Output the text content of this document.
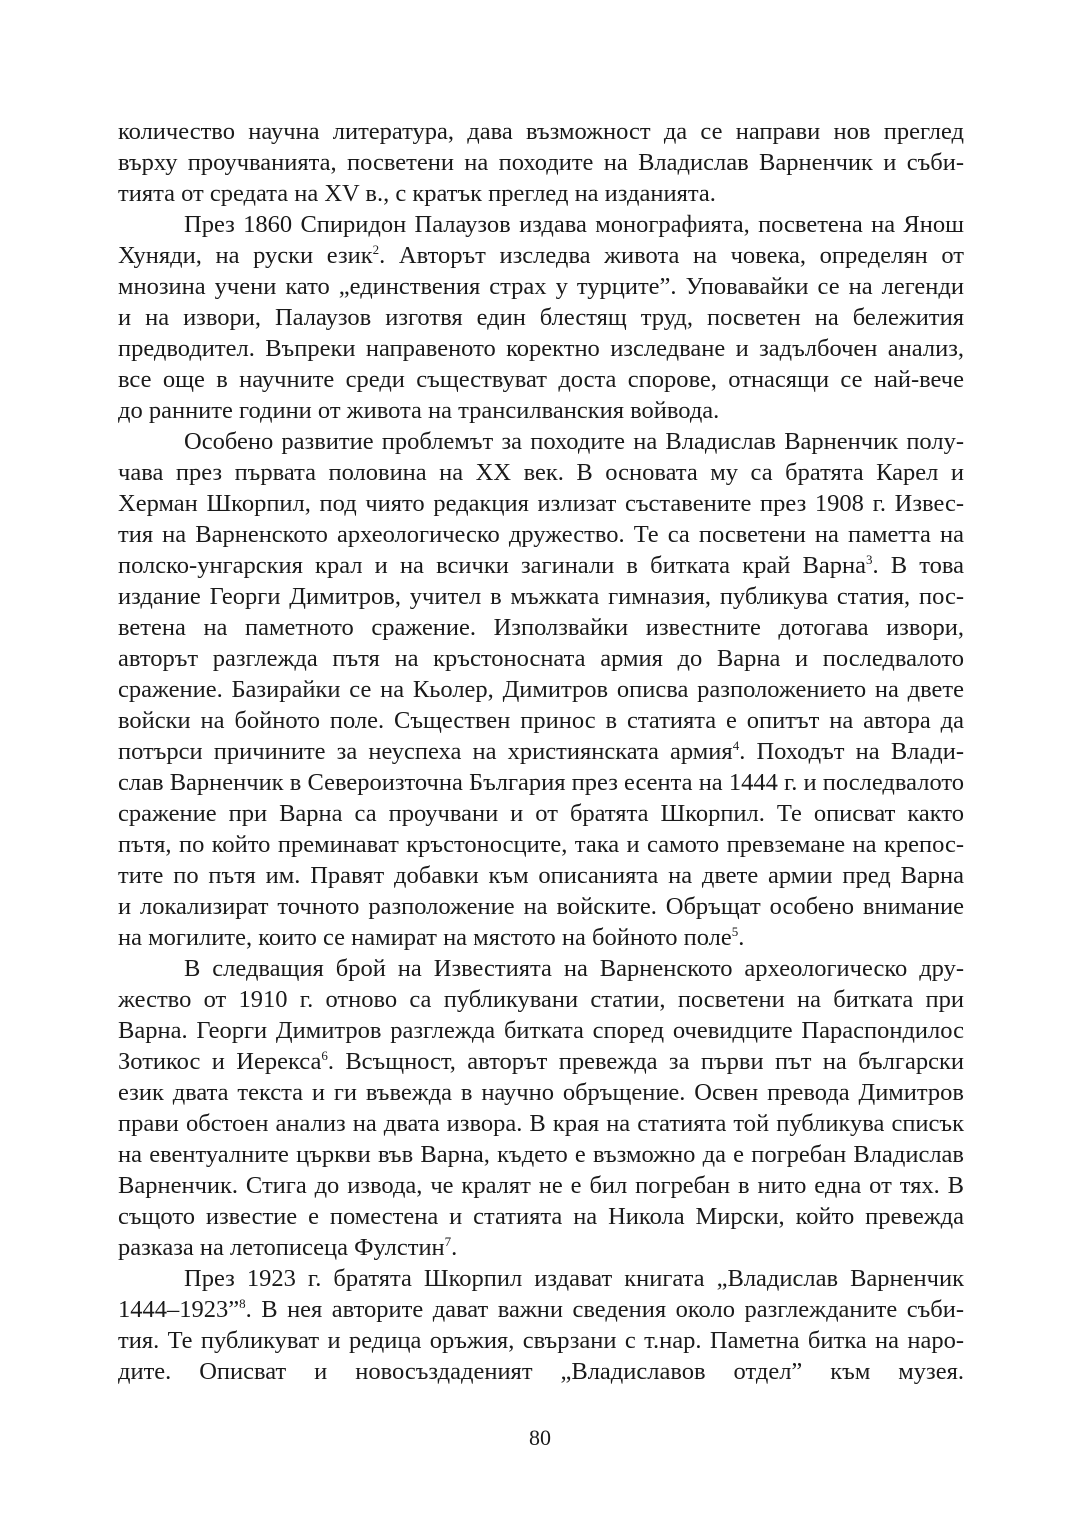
количество научна литература, дава възможност да се направи нов преглед
върху проучванията, посветени на походите на Владислав Варненчик и съби-
тията от средата на XV в., с кратък преглед на изданията.
През 1860 Спиридон Палаузов издава монографията, посветена на Янош
Хуняди, на руски език$^2$. Авторът изследва живота на човека, определян от
мнозина учени като „единствения страх у турците”. Уповавайки се на легенди
и на извори, Палаузов изготвя един блестящ труд, посветен на бележития
предводител. Въпреки направеното коректно изследване и задълбочен анализ,
все още в научните среди съществуват доста спорове, отнасящи се най-вече
до ранните години от живота на трансилванския войвода.
Особено развитие проблемът за походите на Владислав Варненчик полу-
чава през първата половина на XX век. В основата му са братята Карел и
Херман Шкорпил, под чиято редакция излизат съставените през 1908 г. Извес-
тия на Варненското археологическо дружество. Те са посветени на паметта на
полско-унгарския крал и на всички загинали в битката край Варна$^3$. В това
издание Георги Димитров, учител в мъжката гимназия, публикува статия, пос-
ветена на паметното сражение. Използвайки известните дотогава извори,
авторът разглежда пътя на кръстоносната армия до Варна и последвалото
сражение. Базирайки се на Кьолер, Димитров описва разположението на двете
войски на бойното поле. Съществен принос в статията е опитът на автора да
потърси причините за неуспеха на християнската армия$^4$. Походът на Влади-
слав Варненчик в Североизточна България през есента на 1444 г. и последвалото
сражение при Варна са проучвани и от братята Шкорпил. Те описват както
пътя, по който преминават кръстоносците, така и самото превземане на крепос-
тите по пътя им. Правят добавки към описанията на двете армии пред Варна
и локализират точното разположение на войските. Обръщат особено внимание
на могилите, които се намират на мястото на бойното поле$^5$.
В следващия брой на Известията на Варненското археологическо дру-
жество от 1910 г. отново са публикувани статии, посветени на битката при
Варна. Георги Димитров разглежда битката според очевидците Параспондилос
Зотикос и Иерекса$^6$. Всъщност, авторът превежда за първи път на български
език двата текста и ги въвежда в научно обръщение. Освен превода Димитров
прави обстоен анализ на двата извора. В края на статията той публикува списък
на евентуалните църкви във Варна, където е възможно да е погребан Владислав
Варненчик. Стига до извода, че кралят не е бил погребан в нито една от тях. В
същото известие е поместена и статията на Никола Мирски, който превежда
разказа на летописеца Фулстин$^7$.
През 1923 г. братята Шкорпил издават книгата „Владислав Варненчик
1444–1923”$^8$. В нея авторите дават важни сведения около разглежданите съби-
тия. Те публикуват и редица оръжия, свързани с т.нар. Паметна битка на наро-
дите. Описват и новосъздаденият „Владиславов отдел” към музея.
80
